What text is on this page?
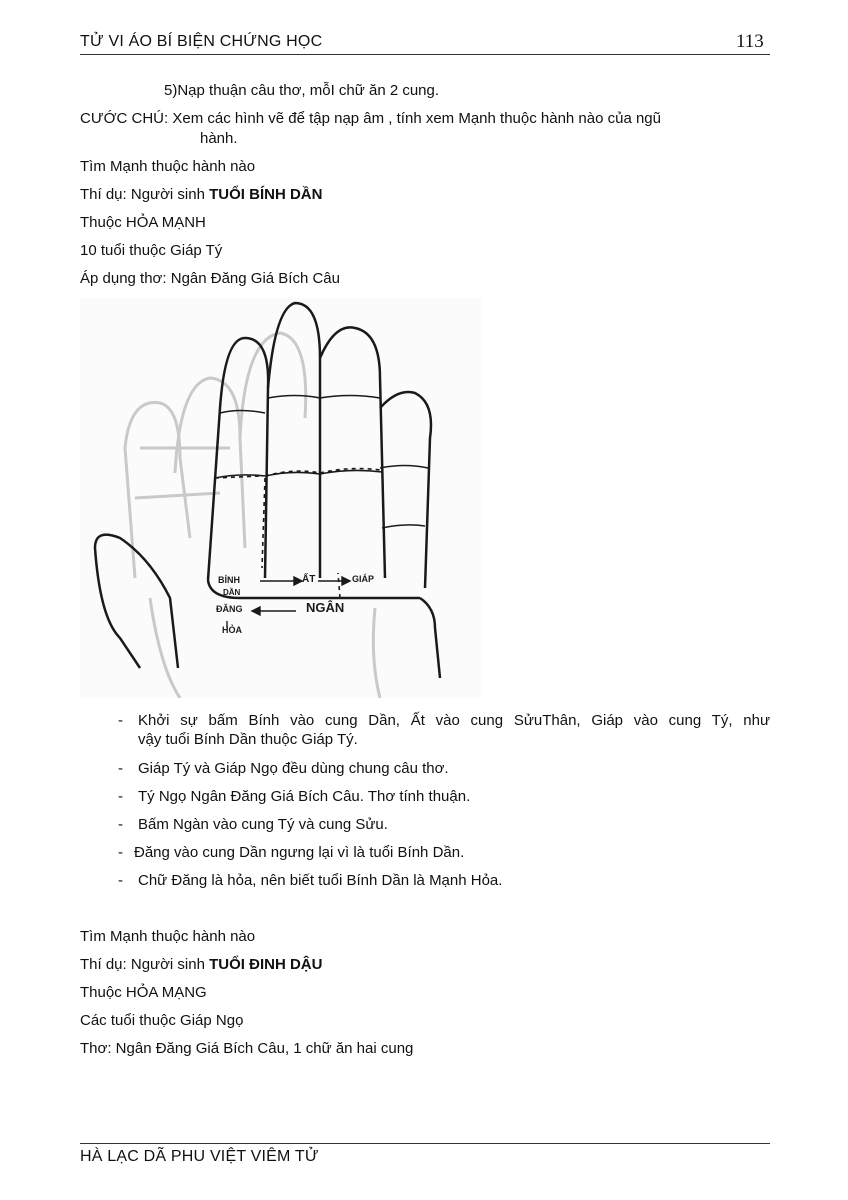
TỬ VI ÁO BÍ BIỆN CHỨNG HỌC	113
5)Nạp thuận câu thơ, mỗI chữ ăn 2 cung.
CƯỚC CHÚ: Xem các hình vẽ để tập nạp âm , tính xem Mạnh thuộc hành nào của ngũ
hành.
Tìm Mạnh thuộc hành nào
Thí dụ: Người sinh TUỔI BÍNH DẦN
Thuộc HỎA MẠNH
10 tuổi thuộc Giáp Tý
Áp dụng thơ: Ngân Đăng Giá Bích Câu
BÍNH
DẦN
ẤT	GIÁP
ĐĂNG	NGÂN
HỎA
- Khởi sự bấm Bính vào cung Dần, Ất vào cung SửuThân, Giáp vào cung Tý, như
vậy tuổi Bính Dần thuộc Giáp Tý.
- Giáp Tý và Giáp Ngọ đều dùng chung câu thơ.
- Tý Ngọ Ngân Đăng Giá Bích Câu. Thơ tính thuận.
- Bấm Ngàn vào cung Tý và cung Sửu.
- Đăng vào cung Dần ngưng lại vì là tuổi Bính Dần.
- Chữ Đăng là hỏa, nên biết tuổi Bính Dần là Mạnh Hỏa.
Tìm Mạnh thuộc hành nào
Thí dụ: Người sinh TUỔI ĐINH DẬU
Thuộc HỎA MẠNG
Các tuổi thuộc Giáp Ngọ
Thơ: Ngân Đăng Giá Bích Câu, 1 chữ ăn hai cung
HÀ LẠC DÃ PHU VIỆT VIÊM TỬ
